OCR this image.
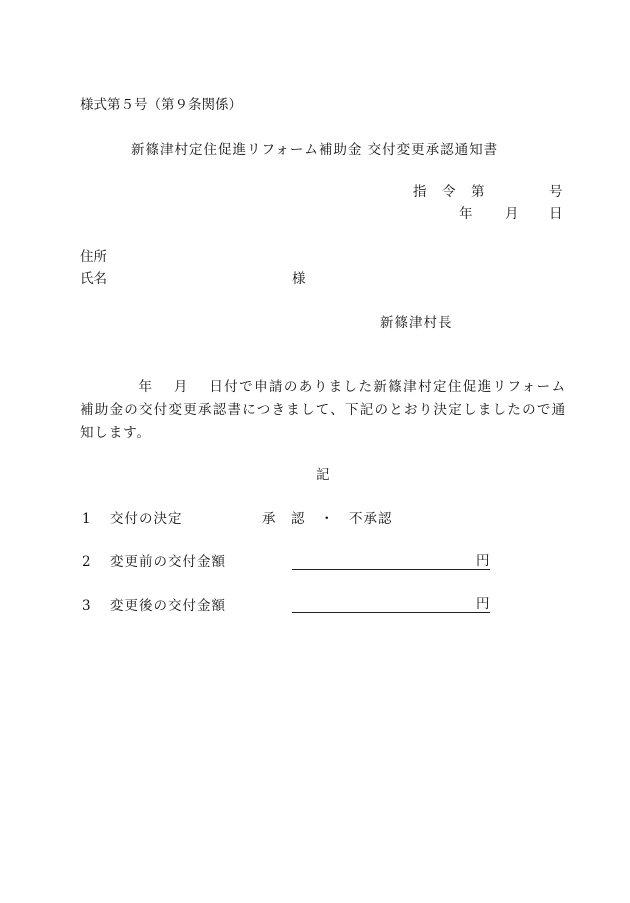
様式第５号（第９条関係）
新篠津村定住促進リフォーム補助金 交付変更承認通知書
指　令　第	号
年 月 日
住所
氏名	様
新篠津村長
年 月 日付で申請のありました新篠津村定住促進リフォーム補助金の交付変更承認書につきまして、下記のとおり決定しましたので通知します。
記
1 交付の決定	承　認　・　不承認
2 変更前の交付金額	円
3 変更後の交付金額	円
